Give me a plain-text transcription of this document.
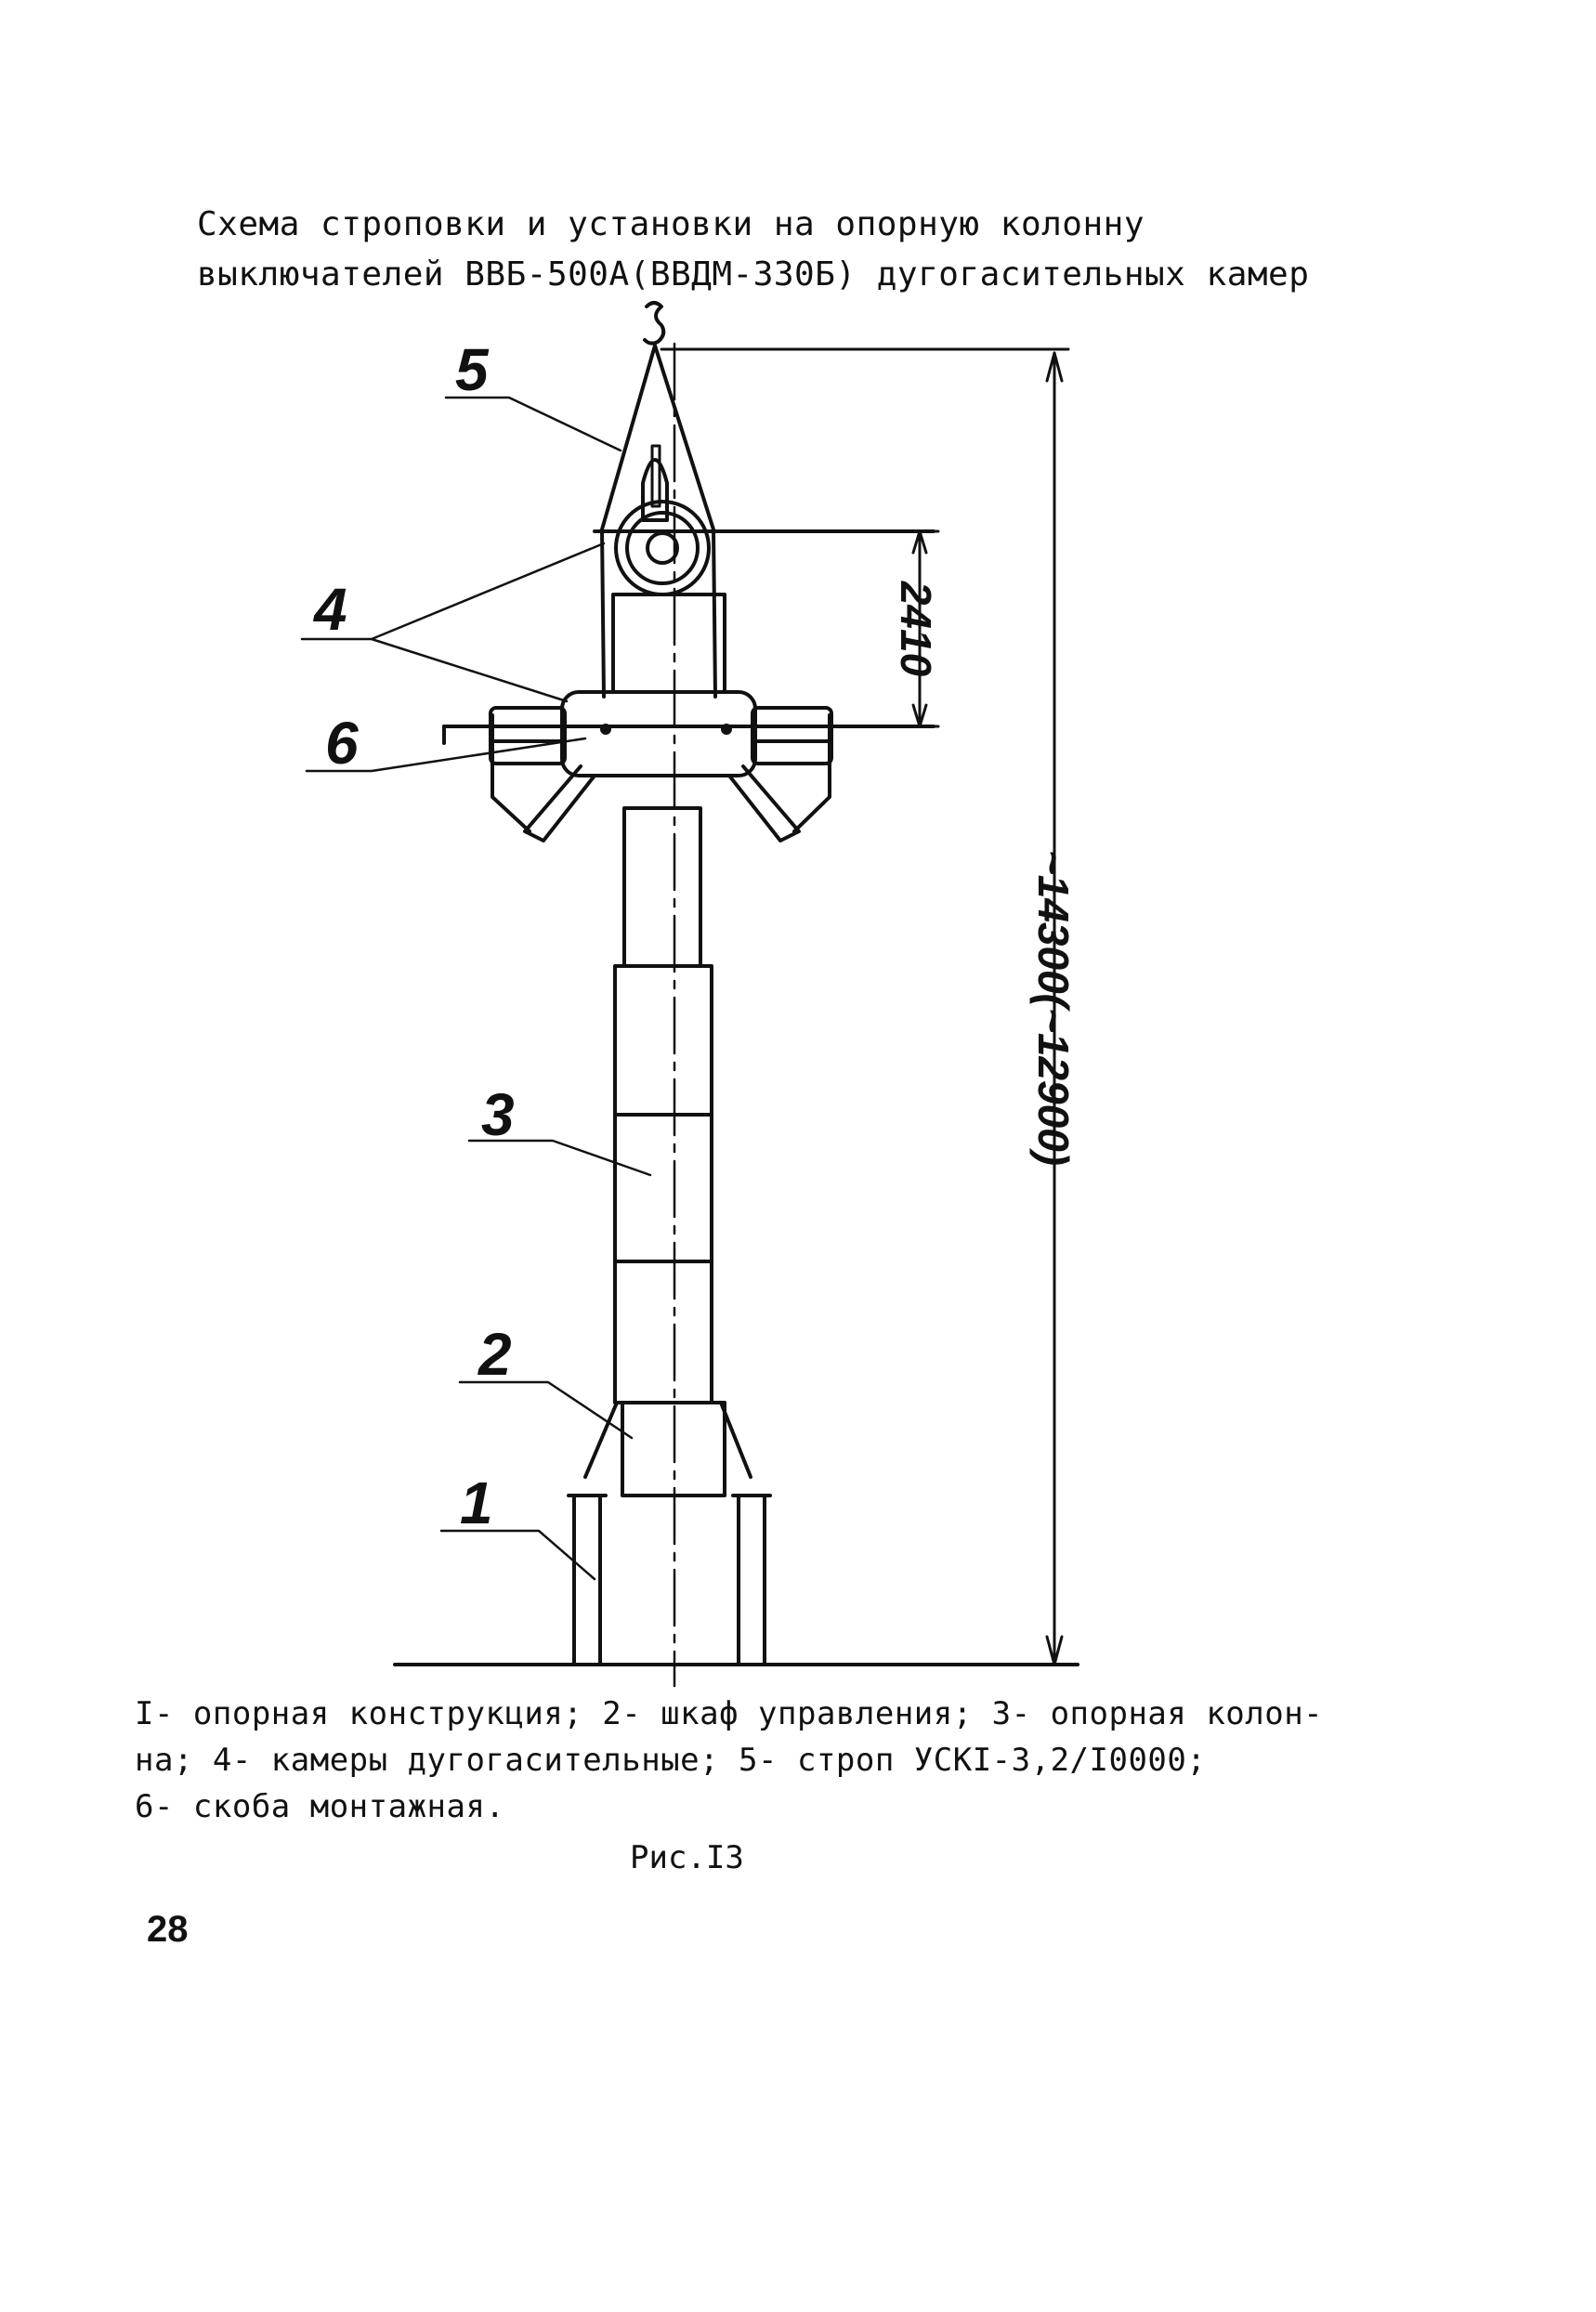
Схема строповки и установки на опорную колонну
выключателей ВВБ-500А(ВВДМ-330Б) дугогасительных камер
5
4
6
3
2
1
2410
~14300(~12900)
I- опорная конструкция; 2- шкаф управления; 3- опорная колон-
на; 4- камеры дугогасительные; 5- строп УСКI-3,2/I0000;
6- скоба монтажная.
Рис.I3
28
